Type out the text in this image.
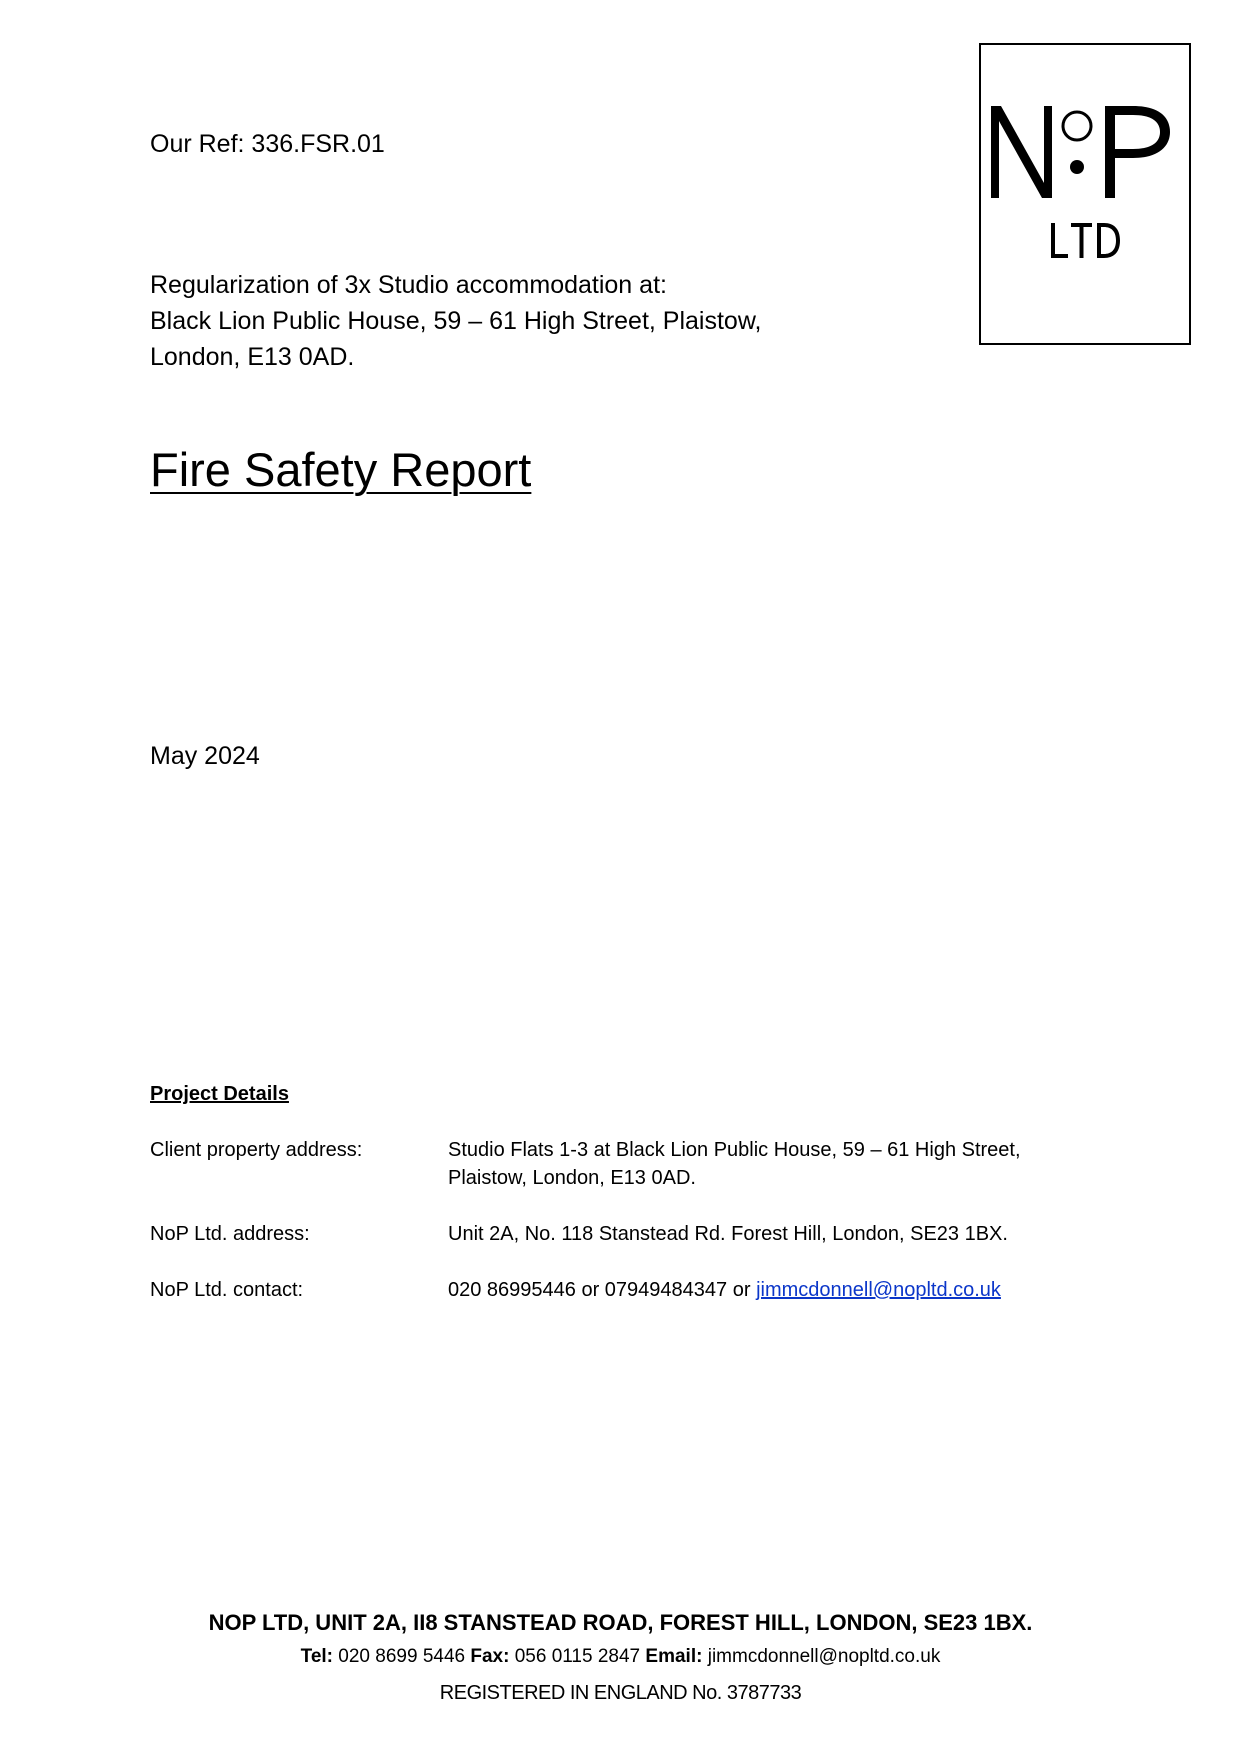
Our Ref: 336.FSR.01
Regularization of 3x Studio accommodation at:
Black Lion Public House, 59 – 61 High Street, Plaistow,
London, E13 0AD.
Fire Safety Report
May 2024
Project Details
Client property address:	Studio Flats 1-3 at Black Lion Public House, 59 – 61 High Street,
Plaistow, London, E13 0AD.
NoP Ltd. address:	Unit 2A, No. 118 Stanstead Rd. Forest Hill, London, SE23 1BX.
NoP Ltd. contact:	020 86995446 or 07949484347 or jimmcdonnell@nopltd.co.uk
NOP LTD, UNIT 2A, II8 STANSTEAD ROAD, FOREST HILL, LONDON, SE23 1BX.
Tel: 020 8699 5446 Fax: 056 0115 2847 Email: jimmcdonnell@nopltd.co.uk
REGISTERED IN ENGLAND No. 3787733
